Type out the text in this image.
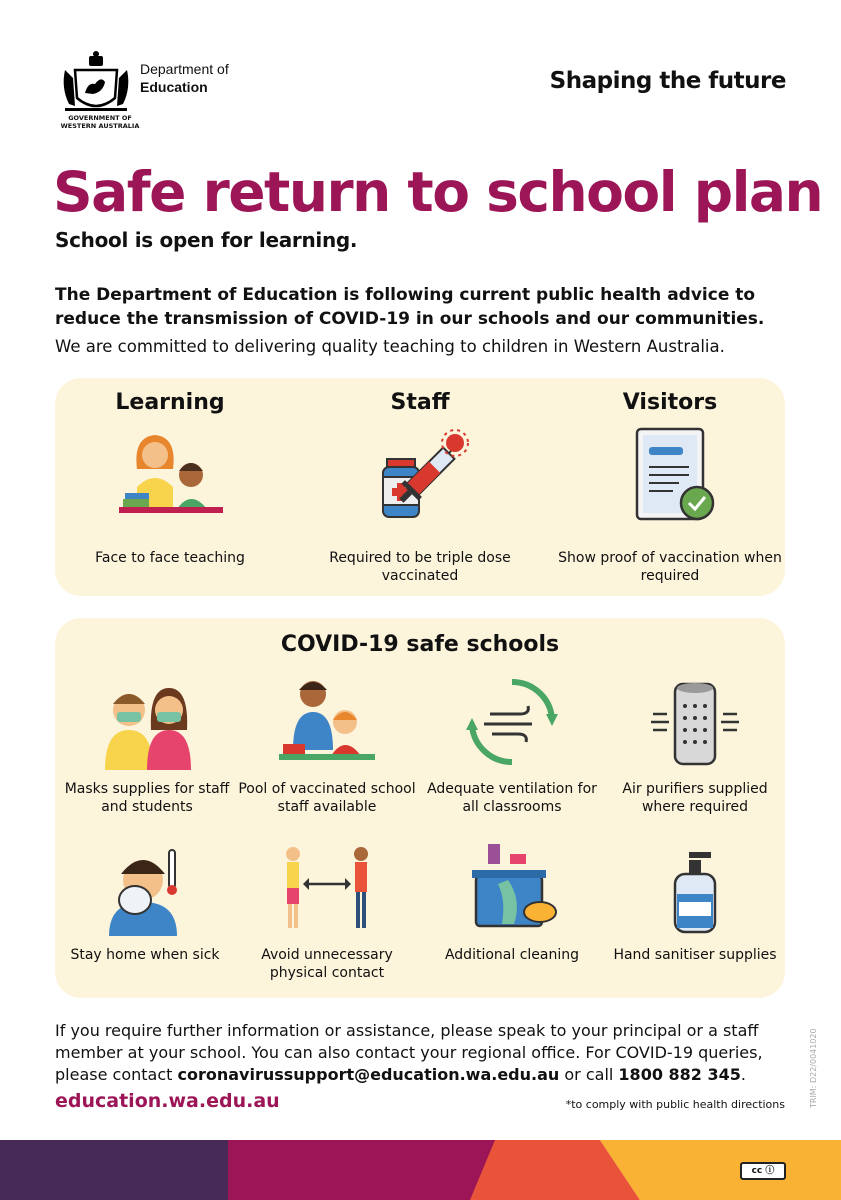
GOVERNMENT OF
WESTERN AUSTRALIA
Department of
Education	Shaping the future
Safe return to school plan
School is open for learning.
The Department of Education is following current public health advice to reduce the transmission of COVID-19 in our schools and our communities.
We are committed to delivering quality teaching to children in Western Australia.
Learning
Face to face teaching
Staff
Required to be triple dose vaccinated
Visitors
Show proof of vaccination when required
COVID-19 safe schools
Masks supplies for staff and students
Pool of vaccinated school staff available
Adequate ventilation for all classrooms
Air purifiers supplied where required
Stay home when sick	Avoid unnecessary physical contact
Additional cleaning	Hand sanitiser supplies
If you require further information or assistance, please speak to your principal or a staff member at your school. You can also contact your regional office. For COVID-19 queries, please contact coronavirussupport@education.wa.edu.au or call 1800 882 345.
education.wa.edu.au	*to comply with public health directions	TRIM: D22/0041020
cc ⓘ
